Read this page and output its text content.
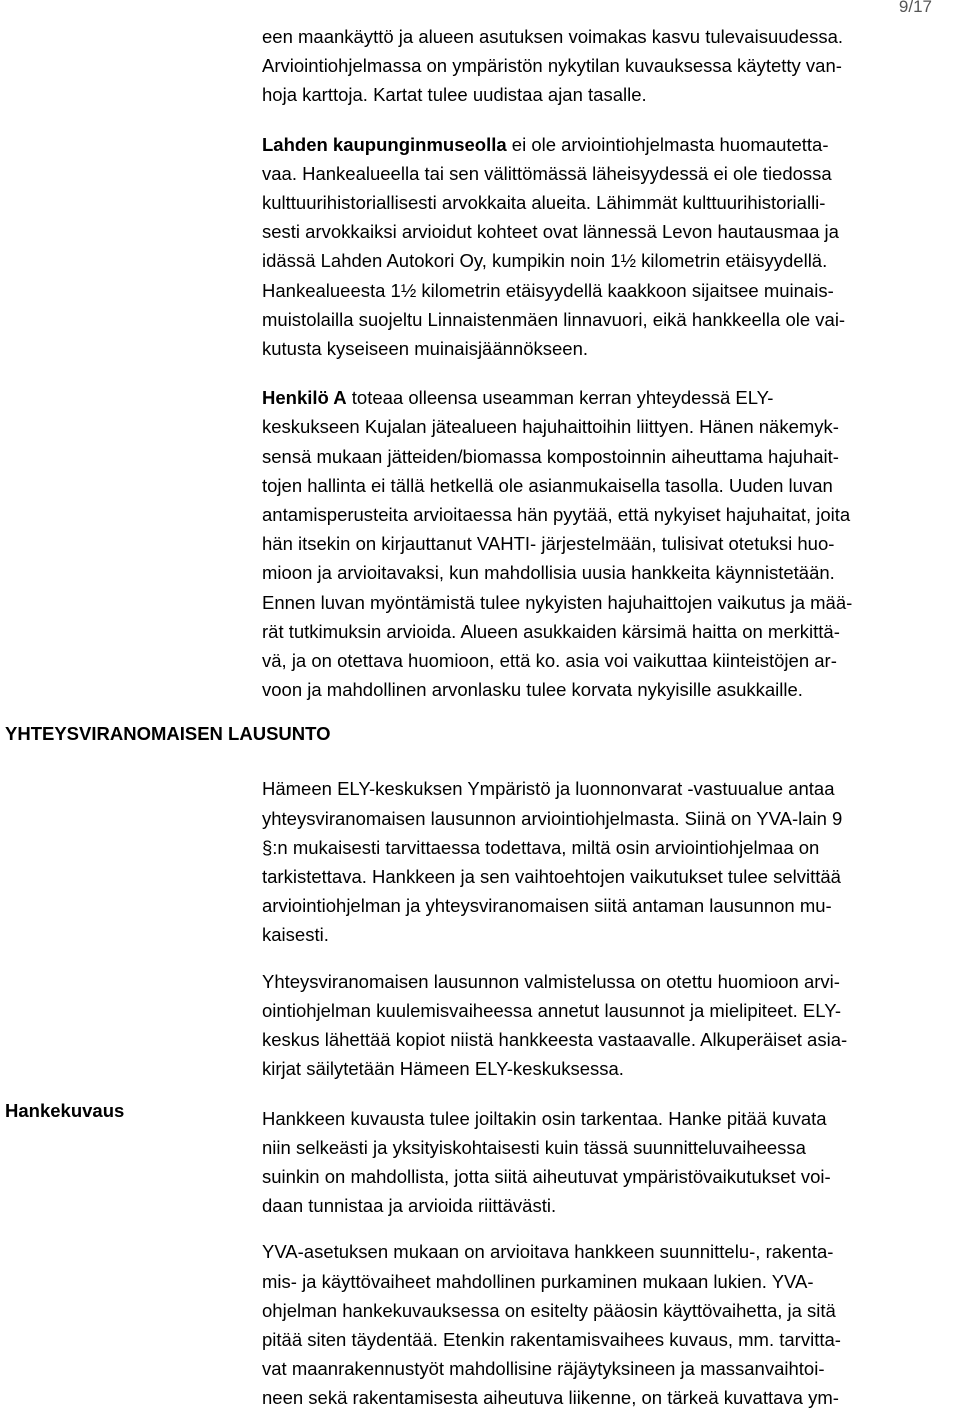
9/17
YHTEYSVIRANOMAISEN LAUSUNTO
Hankekuvaus

een maankäyttö ja alueen asutuksen voimakas kasvu tulevaisuudessa.
Arviointiohjelmassa on ympäristön nykytilan kuvauksessa käytetty van-
hoja karttoja. Kartat tulee uudistaa ajan tasalle.

Lahden kaupunginmuseolla ei ole arviointiohjelmasta huomautetta-
vaa. Hankealueella tai sen välittömässä läheisyydessä ei ole tiedossa
kulttuurihistoriallisesti arvokkaita alueita. Lähimmät kulttuurihistorialli-
sesti arvokkaiksi arvioidut kohteet ovat lännessä Levon hautausmaa ja
idässä Lahden Autokori Oy, kumpikin noin 1½ kilometrin etäisyydellä.
Hankealueesta 1½ kilometrin etäisyydellä kaakkoon sijaitsee muinais-
muistolailla suojeltu Linnaistenmäen linnavuori, eikä hankkeella ole vai-
kutusta kyseiseen muinaisjäännökseen.

Henkilö A toteaa olleensa useamman kerran yhteydessä ELY-
keskukseen Kujalan jätealueen hajuhaittoihin liittyen. Hänen näkemyk-
sensä mukaan jätteiden/biomassa kompostoinnin aiheuttama hajuhait-
tojen hallinta ei tällä hetkellä ole asianmukaisella tasolla. Uuden luvan
antamisperusteita arvioitaessa hän pyytää, että nykyiset hajuhaitat, joita
hän itsekin on kirjauttanut VAHTI- järjestelmään, tulisivat otetuksi huo-
mioon ja arvioitavaksi, kun mahdollisia uusia hankkeita käynnistetään.
Ennen luvan myöntämistä tulee nykyisten hajuhaittojen vaikutus ja mää-
rät tutkimuksin arvioida. Alueen asukkaiden kärsimä haitta on merkittä-
vä, ja on otettava huomioon, että ko. asia voi vaikuttaa kiinteistöjen ar-
voon ja mahdollinen arvonlasku tulee korvata nykyisille asukkaille.

Hämeen ELY-keskuksen Ympäristö ja luonnonvarat -vastuualue antaa
yhteysviranomaisen lausunnon arviointiohjelmasta. Siinä on YVA-lain 9
§:n mukaisesti tarvittaessa todettava, miltä osin arviointiohjelmaa on
tarkistettava. Hankkeen ja sen vaihtoehtojen vaikutukset tulee selvittää
arviointiohjelman ja yhteysviranomaisen siitä antaman lausunnon mu-
kaisesti.

Yhteysviranomaisen lausunnon valmistelussa on otettu huomioon arvi-
ointiohjelman kuulemisvaiheessa annetut lausunnot ja mielipiteet. ELY-
keskus lähettää kopiot niistä hankkeesta vastaavalle. Alkuperäiset asia-
kirjat säilytetään Hämeen ELY-keskuksessa.

Hankkeen kuvausta tulee joiltakin osin tarkentaa. Hanke pitää kuvata
niin selkeästi ja yksityiskohtaisesti kuin tässä suunnitteluvaiheessa
suinkin on mahdollista, jotta siitä aiheutuvat ympäristövaikutukset voi-
daan tunnistaa ja arvioida riittävästi.

YVA-asetuksen mukaan on arvioitava hankkeen suunnittelu-, rakenta-
mis- ja käyttövaiheet mahdollinen purkaminen mukaan lukien. YVA-
ohjelman hankekuvauksessa on esitelty pääosin käyttövaihetta, ja sitä
pitää siten täydentää. Etenkin rakentamisvaihees kuvaus, mm. tarvitta-
vat maanrakennustyöt mahdollisine räjäytyksineen ja massanvaihtoi-
neen sekä rakentamisesta aiheutuva liikenne, on tärkeä kuvattava ym-
